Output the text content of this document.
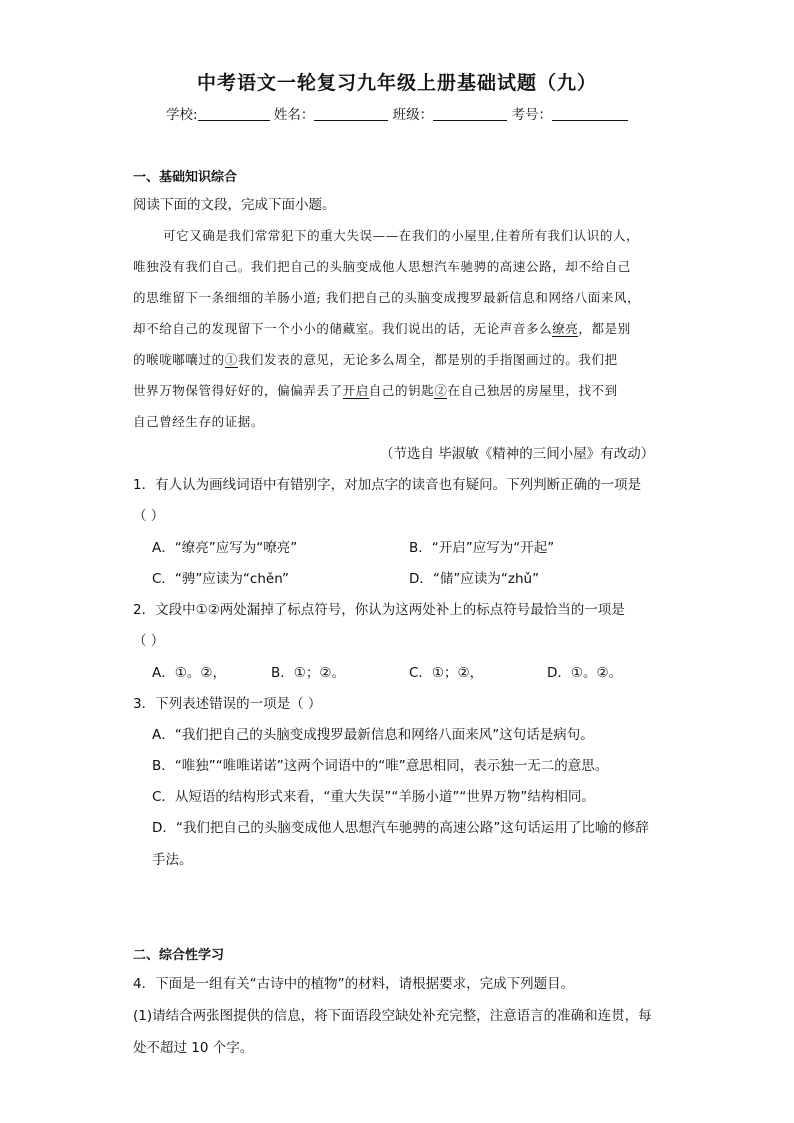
中考语文一轮复习九年级上册基础试题（九）
学校:	姓名：	班级：	考号：
一、基础知识综合
阅读下面的文段，完成下面小题。
可它又确是我们常常犯下的重大失误——在我们的小屋里,住着所有我们认识的人，
唯独没有我们自己。我们把自己的头脑变成他人思想汽车驰骋的高速公路，却不给自己
的思维留下一条细细的羊肠小道; 我们把自己的头脑变成搜罗最新信息和网络八面来风，
却不给自己的发现留下一个小小的储藏室。我们说出的话，无论声音多么缭亮，都是别
的喉咙嘟嚷过的①我们发表的意见，无论多么周全，都是别的手指图画过的。我们把
世界万物保管得好好的，偏偏弄丢了开启自己的钥匙②在自己独居的房屋里，找不到
自己曾经生存的证据。
（节选自 毕淑敏《精神的三间小屋》有改动）
1．有人认为画线词语中有错别字，对加点字的读音也有疑问。下列判断正确的一项是
（ ）
A．“缭亮”应写为“嘹亮”	B．“开启”应写为“开起”
C．“骋”应读为“chěn”	D．“储”应读为“zhǔ”
2．文段中①②两处漏掉了标点符号，你认为这两处补上的标点符号最恰当的一项是
（ ）
A．①。②，	B．①；②。	C．①；②，	D．①。②。
3．下列表述错误的一项是（ ）
A．“我们把自己的头脑变成搜罗最新信息和网络八面来风”这句话是病句。
B．“唯独”“唯唯诺诺”这两个词语中的“唯”意思相同，表示独一无二的意思。
C．从短语的结构形式来看，“重大失误”“羊肠小道”“世界万物”结构相同。
D．“我们把自己的头脑变成他人思想汽车驰骋的高速公路”这句话运用了比喻的修辞
手法。
二、综合性学习
4．下面是一组有关“古诗中的植物”的材料，请根据要求，完成下列题目。
(1)请结合两张图提供的信息，将下面语段空缺处补充完整，注意语言的准确和连贯，每
处不超过 10 个字。
